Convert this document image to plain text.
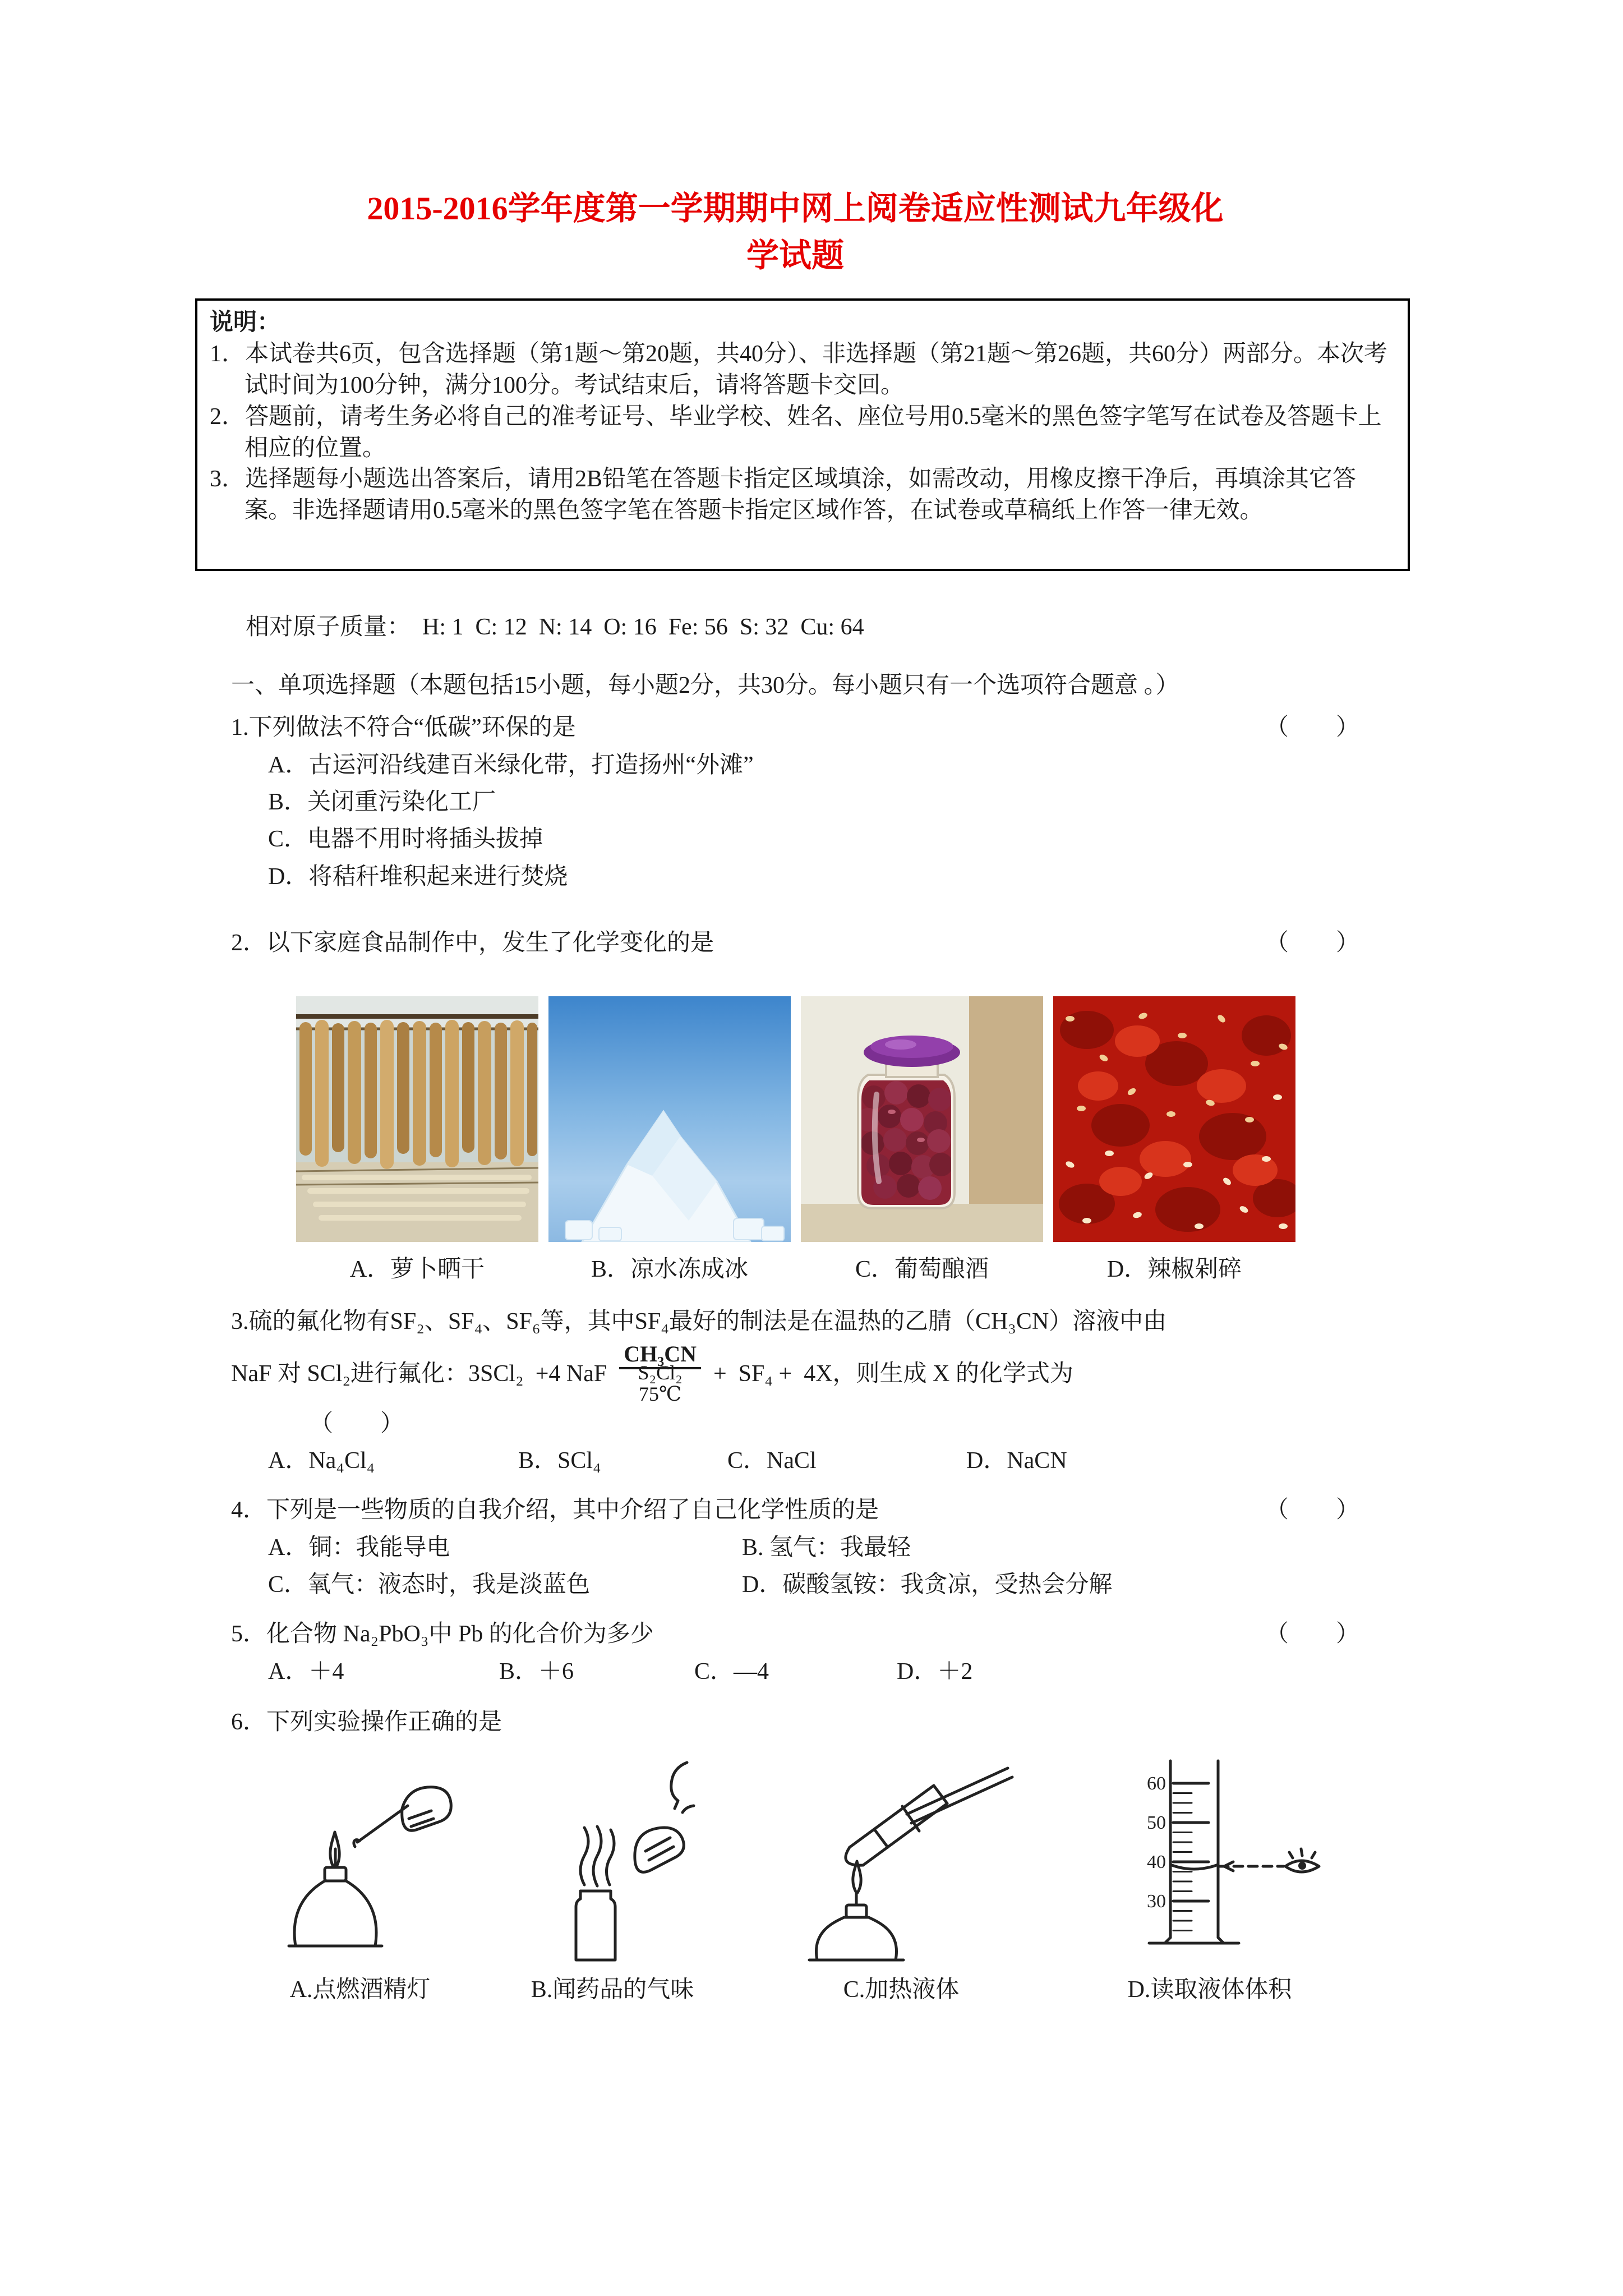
2015-2016学年度第一学期期中网上阅卷适应性测试九年级化
学试题
说明：

1．本试卷共6页，包含选择题（第1题～第20题，共40分）、非选择题（第21题～第26题，共60分）两部分。本次考试时间为100分钟，满分100分。考试结束后，请将答题卡交回。

2．答题前，请考生务必将自己的准考证号、毕业学校、姓名、座位号用0.5毫米的黑色签字笔写在试卷及答题卡上相应的位置。

3．选择题每小题选出答案后，请用2B铅笔在答题卡指定区域填涂，如需改动，用橡皮擦干净后，再填涂其它答案。非选择题请用0.5毫米的黑色签字笔在答题卡指定区域作答，在试卷或草稿纸上作答一律无效。

相对原子质量：  H: 1  C: 12  N: 14  O: 16  Fe: 56  S: 32  Cu: 64
一、单项选择题（本题包括15小题，每小题2分，共30分。每小题只有一个选项符合题意 。）
1.下列做法不符合“低碳”环保的是	（　　）
A．古运河沿线建百米绿化带，打造扬州“外滩”
B．关闭重污染化工厂
C．电器不用时将插头拔掉
D．将秸秆堆积起来进行焚烧
2．以下家庭食品制作中，发生了化学变化的是	（　　）
A．萝卜晒干	B．凉水冻成冰	C．葡萄酿酒	D．辣椒剁碎
3.硫的氟化物有SF₂、SF₄、SF₆等，其中SF₄最好的制法是在温热的乙腈（CH₃CN）溶液中由
NaF 对 SCl₂进行氟化：3SCl₂  +4 NaF
CH₃CN
S₂Cl₂
75℃
+  SF₄ +  4X，则生成 X 的化学式为
（　　）
A．Na₄Cl₄	B．SCl₄	C．NaCl	D．NaCN
4．下列是一些物质的自我介绍，其中介绍了自己化学性质的是	（　　）
A．铜：我能导电	B. 氢气：我最轻
C．氧气：液态时，我是淡蓝色	D．碳酸氢铵：我贪凉，受热会分解
5．化合物 Na₂PbO₃中 Pb 的化合价为多少	（　　）
A．＋4	B．＋6	C．—4	D．＋2
6．下列实验操作正确的是
A.点燃酒精灯	B.闻药品的气味	C.加热液体
60
50
40
30
D.读取液体体积
